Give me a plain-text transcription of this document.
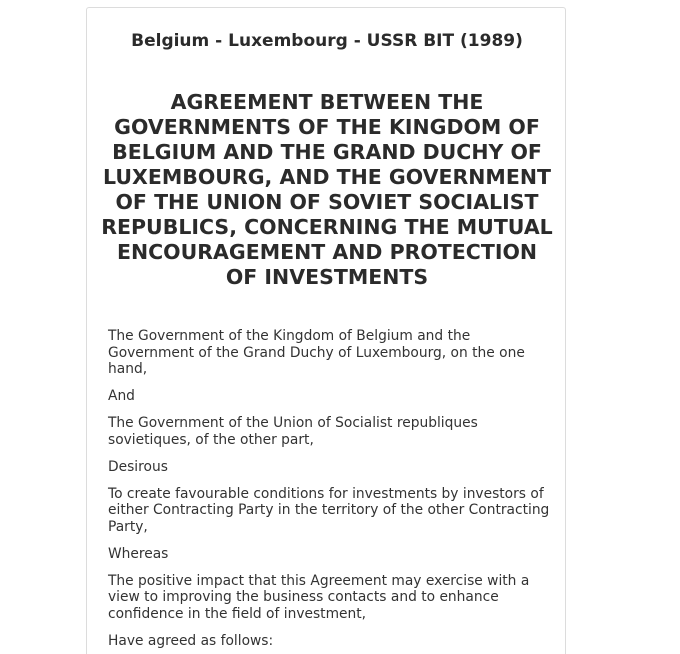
Belgium - Luxembourg - USSR BIT (1989)
AGREEMENT BETWEEN THE GOVERNMENTS OF THE KINGDOM OF BELGIUM AND THE GRAND DUCHY OF LUXEMBOURG, AND THE GOVERNMENT OF THE UNION OF SOVIET SOCIALIST REPUBLICS, CONCERNING THE MUTUAL ENCOURAGEMENT AND PROTECTION OF INVESTMENTS

The Government of the Kingdom of Belgium and the Government of the Grand Duchy of Luxembourg, on the one hand,

And

The Government of the Union of Socialist republiques sovietiques, of the other part,

Desirous

To create favourable conditions for investments by investors of either Contracting Party in the territory of the other Contracting Party,

Whereas

The positive impact that this Agreement may exercise with a view to improving the business contacts and to enhance confidence in the field of investment,

Have agreed as follows:
